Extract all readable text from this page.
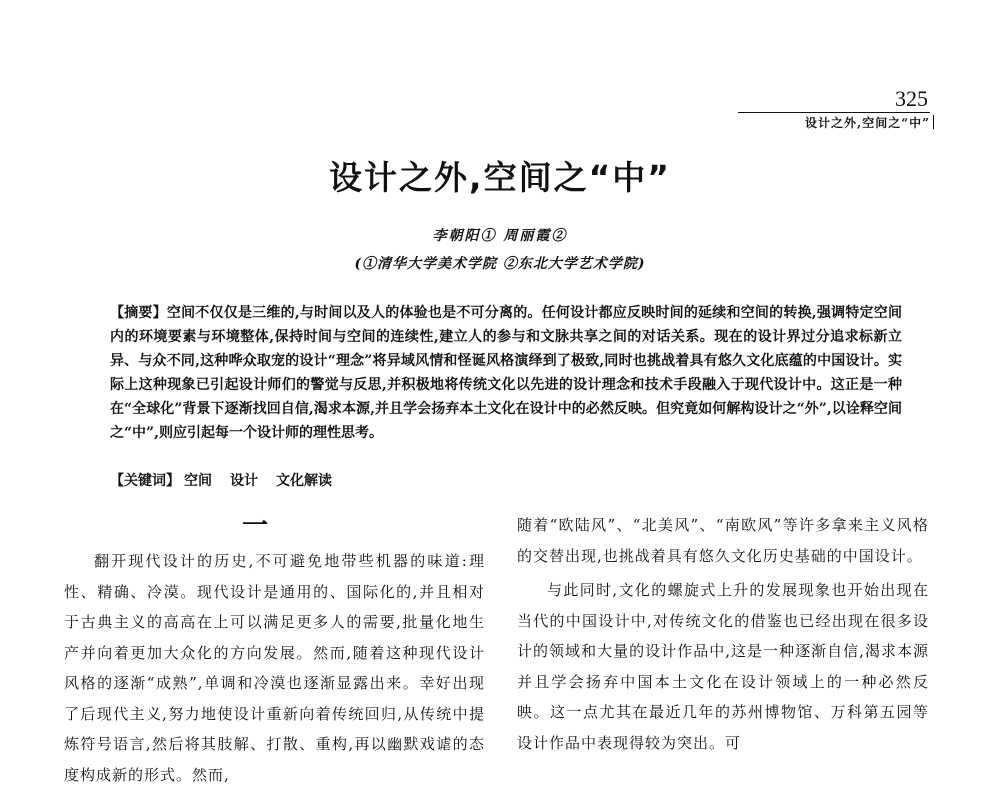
325
设计之外,空间之“中”
设计之外,空间之“中”
李朝阳① 周丽霞②
(①清华大学美术学院 ②东北大学艺术学院)
【摘要】空间不仅仅是三维的,与时间以及人的体验也是不可分离的。任何设计都应反映时间的延续和空间的转换,强调特定空间内的环境要素与环境整体,保持时间与空间的连续性,建立人的参与和文脉共享之间的对话关系。现在的设计界过分追求标新立异、与众不同,这种哗众取宠的设计“理念”将异域风情和怪诞风格演绎到了极致,同时也挑战着具有悠久文化底蕴的中国设计。实际上这种现象已引起设计师们的警觉与反思,并积极地将传统文化以先进的设计理念和技术手段融入于现代设计中。这正是一种在“全球化”背景下逐渐找回自信,渴求本源,并且学会扬弃本土文化在设计中的必然反映。但究竟如何解构设计之“外”,以诠释空间之“中”,则应引起每一个设计师的理性思考。
【关键词】 空间 设计 文化解读
一
翻开现代设计的历史,不可避免地带些机器的味道:理性、精确、冷漠。现代设计是通用的、国际化的,并且相对于古典主义的高高在上可以满足更多人的需要,批量化地生产并向着更加大众化的方向发展。然而,随着这种现代设计风格的逐渐“成熟”,单调和冷漠也逐渐显露出来。幸好出现了后现代主义,努力地使设计重新向着传统回归,从传统中提炼符号语言,然后将其肢解、打散、重构,再以幽默戏谑的态度构成新的形式。然而,

随着“欧陆风”、“北美风”、“南欧风”等许多拿来主义风格的交替出现,也挑战着具有悠久文化历史基础的中国设计。

与此同时,文化的螺旋式上升的发展现象也开始出现在当代的中国设计中,对传统文化的借鉴也已经出现在很多设计的领域和大量的设计作品中,这是一种逐渐自信,渴求本源并且学会扬弃中国本土文化在设计领域上的一种必然反映。这一点尤其在最近几年的苏州博物馆、万科第五园等设计作品中表现得较为突出。可
